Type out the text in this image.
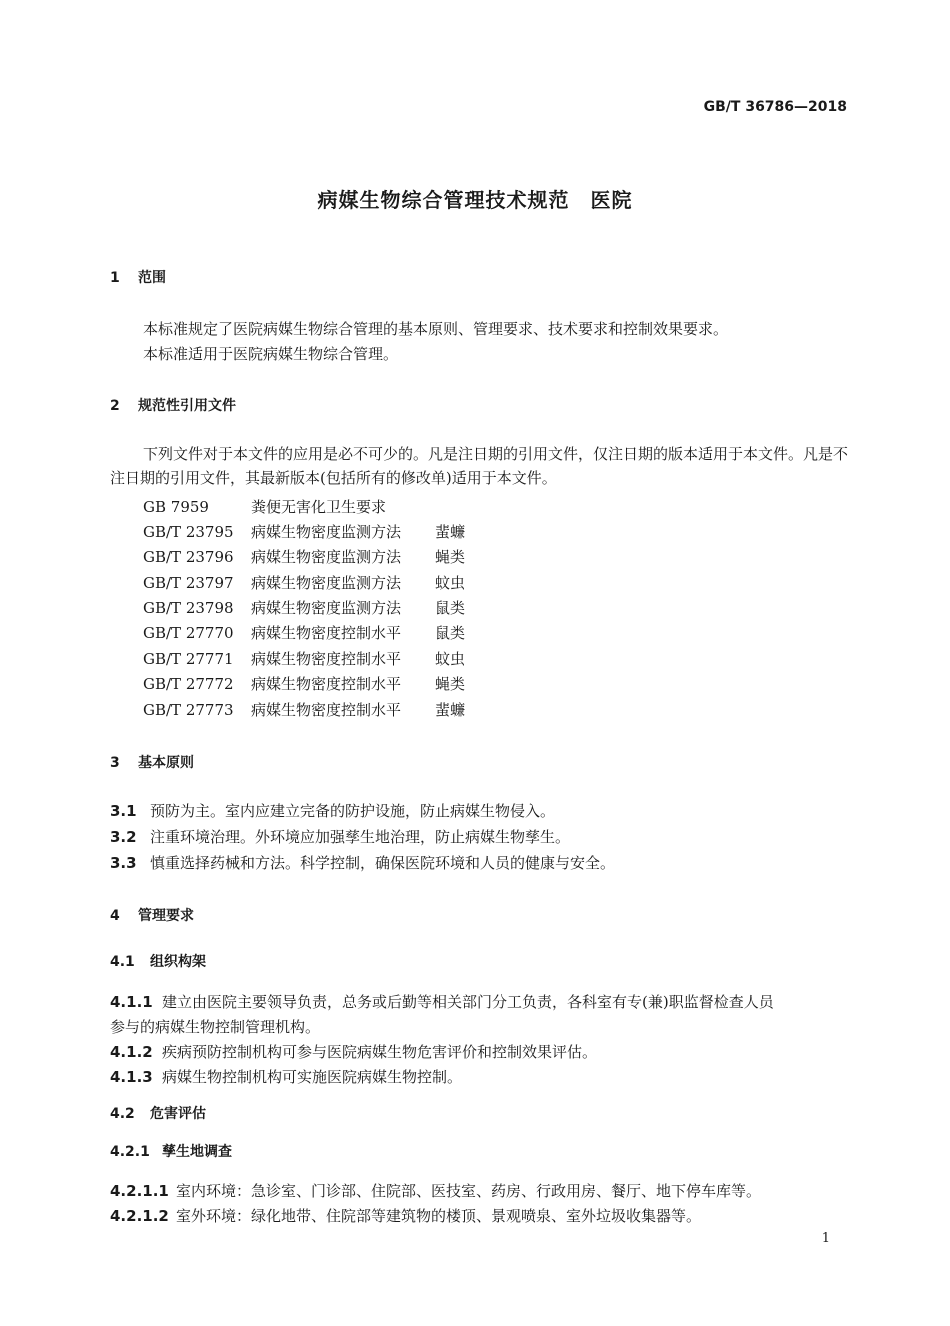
GB/T 36786—2018
病媒生物综合管理技术规范　医院
1 范围
本标准规定了医院病媒生物综合管理的基本原则、管理要求、技术要求和控制效果要求。
本标准适用于医院病媒生物综合管理。
2 规范性引用文件
下列文件对于本文件的应用是必不可少的。凡是注日期的引用文件，仅注日期的版本适用于本文件。凡是不注日期的引用文件，其最新版本(包括所有的修改单)适用于本文件。
GB 7959	粪便无害化卫生要求
GB/T 23795 病媒生物密度监测方法 蜚蠊
GB/T 23796 病媒生物密度监测方法 蝇类
GB/T 23797 病媒生物密度监测方法 蚊虫
GB/T 23798 病媒生物密度监测方法 鼠类
GB/T 27770 病媒生物密度控制水平 鼠类
GB/T 27771 病媒生物密度控制水平 蚊虫
GB/T 27772 病媒生物密度控制水平 蝇类
GB/T 27773 病媒生物密度控制水平 蜚蠊
3 基本原则
3.1 预防为主。室内应建立完备的防护设施，防止病媒生物侵入。
3.2 注重环境治理。外环境应加强孳生地治理，防止病媒生物孳生。
3.3 慎重选择药械和方法。科学控制，确保医院环境和人员的健康与安全。
4 管理要求
4.1 组织构架
4.1.1 建立由医院主要领导负责，总务或后勤等相关部门分工负责，各科室有专(兼)职监督检查人员
参与的病媒生物控制管理机构。
4.1.2 疾病预防控制机构可参与医院病媒生物危害评价和控制效果评估。
4.1.3 病媒生物控制机构可实施医院病媒生物控制。
4.2 危害评估
4.2.1 孳生地调查
4.2.1.1 室内环境：急诊室、门诊部、住院部、医技室、药房、行政用房、餐厅、地下停车库等。
4.2.1.2 室外环境：绿化地带、住院部等建筑物的楼顶、景观喷泉、室外垃圾收集器等。
1
